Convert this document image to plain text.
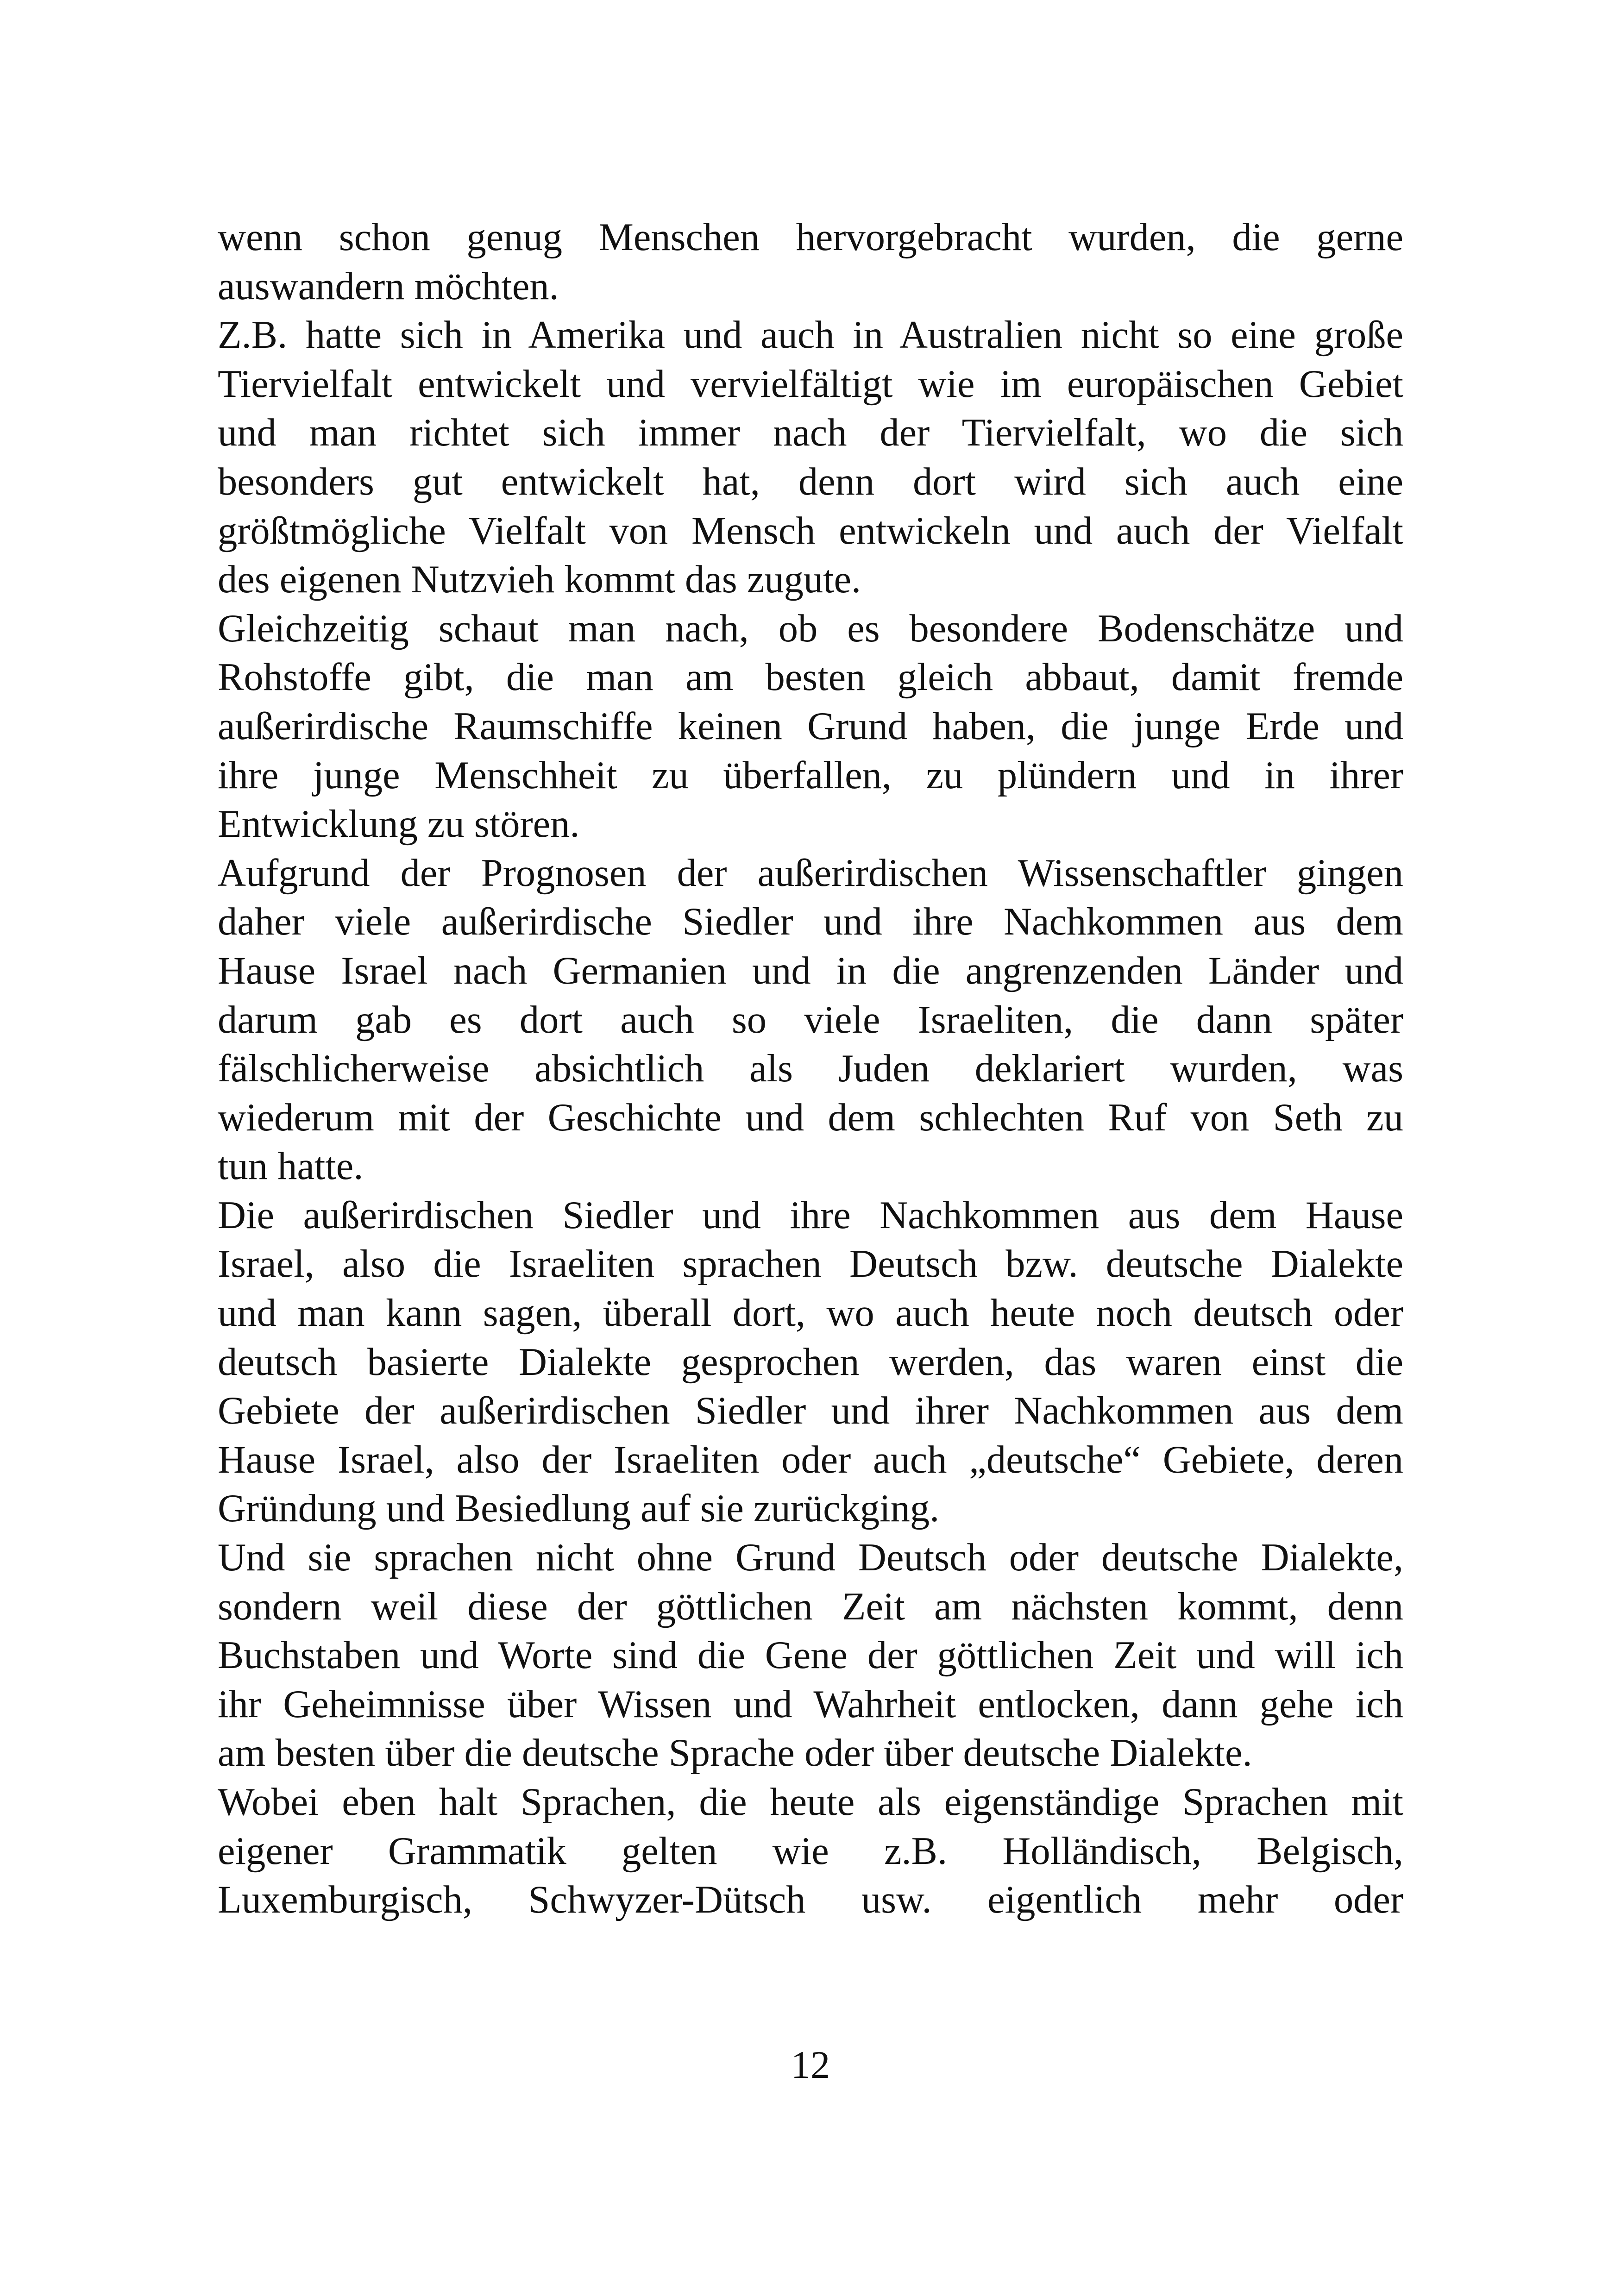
wenn schon genug Menschen hervorgebracht wurden, die gerne
auswandern möchten.
Z.B. hatte sich in Amerika und auch in Australien nicht so eine große
Tiervielfalt entwickelt und vervielfältigt wie im europäischen Gebiet
und man richtet sich immer nach der Tiervielfalt, wo die sich
besonders gut entwickelt hat, denn dort wird sich auch eine
größtmögliche Vielfalt von Mensch entwickeln und auch der Vielfalt
des eigenen Nutzvieh kommt das zugute.
Gleichzeitig schaut man nach, ob es besondere Bodenschätze und
Rohstoffe gibt, die man am besten gleich abbaut, damit fremde
außerirdische Raumschiffe keinen Grund haben, die junge Erde und
ihre junge Menschheit zu überfallen, zu plündern und in ihrer
Entwicklung zu stören.
Aufgrund der Prognosen der außerirdischen Wissenschaftler gingen
daher viele außerirdische Siedler und ihre Nachkommen aus dem
Hause Israel nach Germanien und in die angrenzenden Länder und
darum gab es dort auch so viele Israeliten, die dann später
fälschlicherweise absichtlich als Juden deklariert wurden, was
wiederum mit der Geschichte und dem schlechten Ruf von Seth zu
tun hatte.
Die außerirdischen Siedler und ihre Nachkommen aus dem Hause
Israel, also die Israeliten sprachen Deutsch bzw. deutsche Dialekte
und man kann sagen, überall dort, wo auch heute noch deutsch oder
deutsch basierte Dialekte gesprochen werden, das waren einst die
Gebiete der außerirdischen Siedler und ihrer Nachkommen aus dem
Hause Israel, also der Israeliten oder auch „deutsche“ Gebiete, deren
Gründung und Besiedlung auf sie zurückging.
Und sie sprachen nicht ohne Grund Deutsch oder deutsche Dialekte,
sondern weil diese der göttlichen Zeit am nächsten kommt, denn
Buchstaben und Worte sind die Gene der göttlichen Zeit und will ich
ihr Geheimnisse über Wissen und Wahrheit entlocken, dann gehe ich
am besten über die deutsche Sprache oder über deutsche Dialekte.
Wobei eben halt Sprachen, die heute als eigenständige Sprachen mit
eigener Grammatik gelten wie z.B. Holländisch, Belgisch,
Luxemburgisch, Schwyzer-Dütsch usw. eigentlich mehr oder
12
